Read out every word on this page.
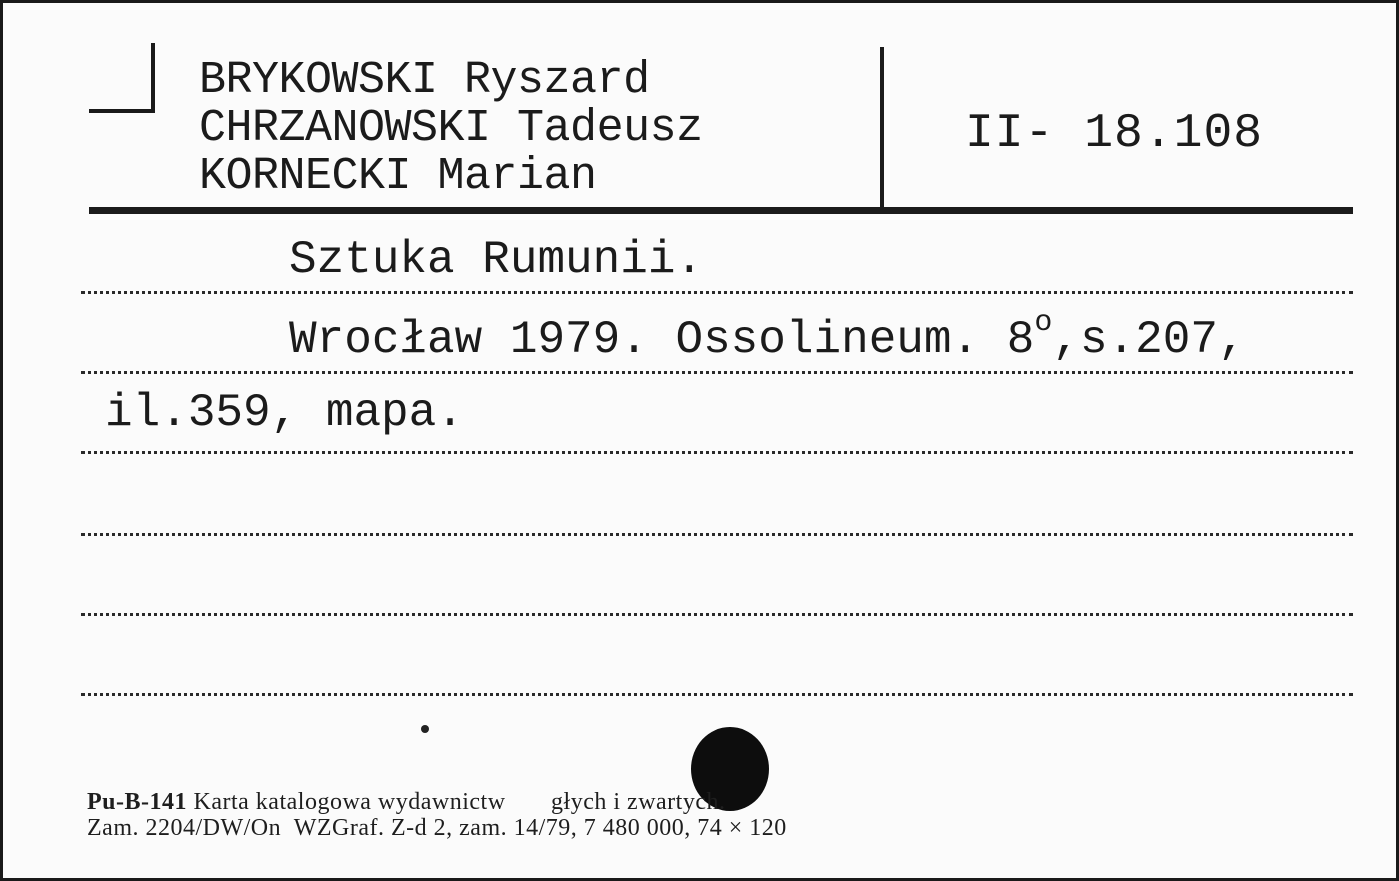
BRYKOWSKI Ryszard

CHRZANOWSKI Tadeusz

KORNECKI Marian

II- 18.108

Sztuka Rumunii.

Wrocław 1979. Ossolineum. 8$^o$,s.207,

il.359, mapa.

Pu-B-141 Karta katalogowa wydawnictw       głych i zwartych.
Zam. 2204/DW/On  WZGraf. Z-d 2, zam. 14/79, 7 480 000, 74 × 120
